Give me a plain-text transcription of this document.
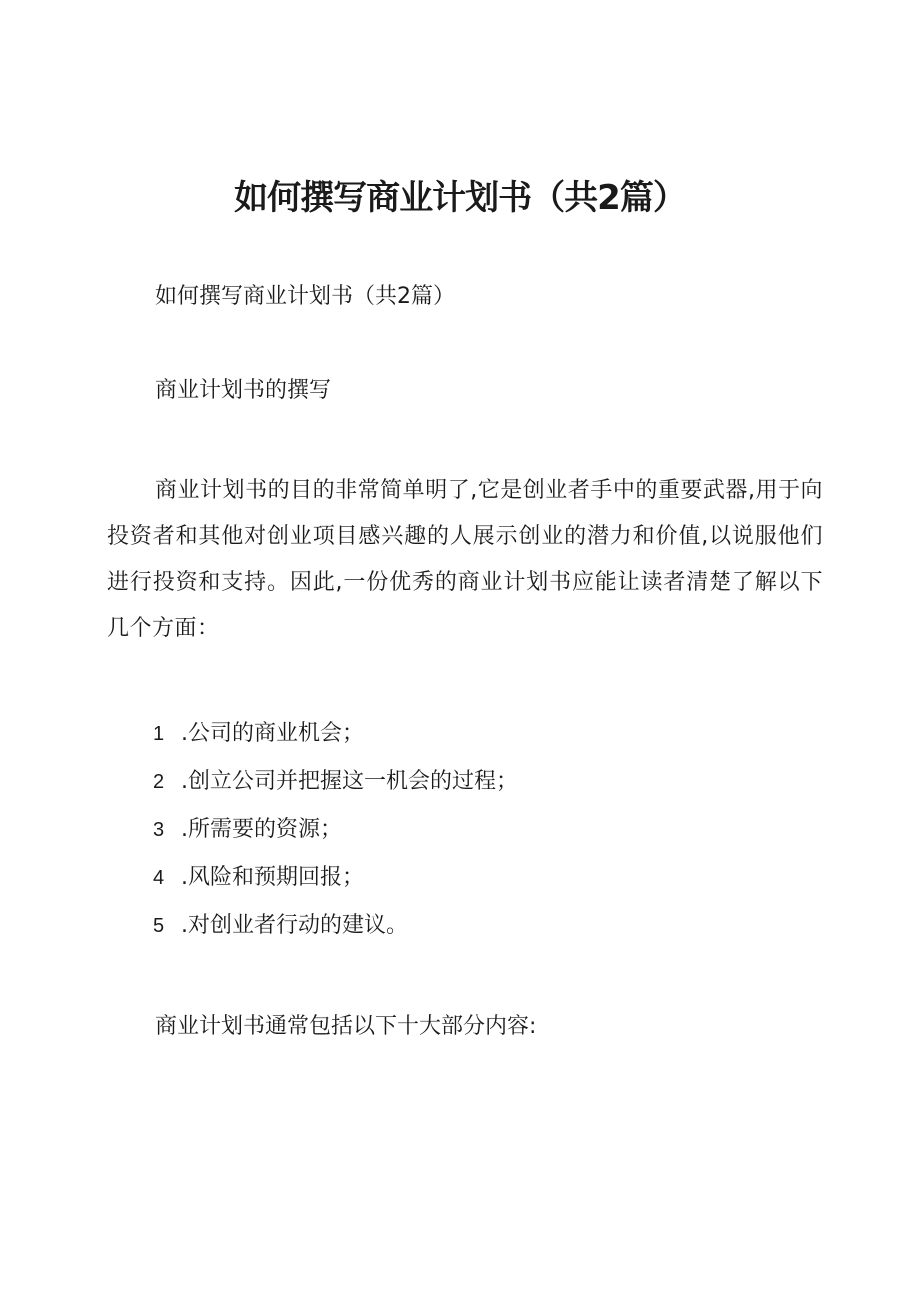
如何撰写商业计划书（共2篇）

如何撰写商业计划书（共2篇）

商业计划书的撰写

商业计划书的目的非常简单明了,它是创业者手中的重要武器,用于向投资者和其他对创业项目感兴趣的人展示创业的潜力和价值,以说服他们进行投资和支持。因此,一份优秀的商业计划书应能让读者清楚了解以下几个方面：

1 .公司的商业机会；
2 .创立公司并把握这一机会的过程；
3 .所需要的资源；
4 .风险和预期回报；
5 .对创业者行动的建议。

商业计划书通常包括以下十大部分内容:
